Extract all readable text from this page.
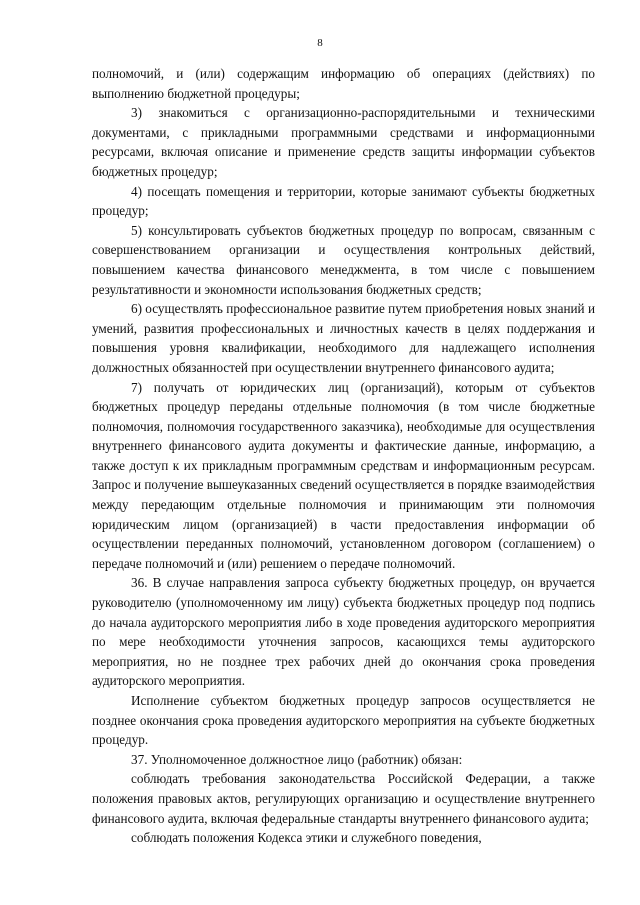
8

полномочий, и (или) содержащим информацию об операциях (действиях) по выполнению бюджетной процедуры;

3) знакомиться с организационно-распорядительными и техническими документами, с прикладными программными средствами и информационными ресурсами, включая описание и применение средств защиты информации субъектов бюджетных процедур;

4) посещать помещения и территории, которые занимают субъекты бюджетных процедур;

5) консультировать субъектов бюджетных процедур по вопросам, связанным с совершенствованием организации и осуществления контрольных действий, повышением качества финансового менеджмента, в том числе с повышением результативности и экономности использования бюджетных средств;

6) осуществлять профессиональное развитие путем приобретения новых знаний и умений, развития профессиональных и личностных качеств в целях поддержания и повышения уровня квалификации, необходимого для надлежащего исполнения должностных обязанностей при осуществлении внутреннего финансового аудита;

7) получать от юридических лиц (организаций), которым от субъектов бюджетных процедур переданы отдельные полномочия (в том числе бюджетные полномочия, полномочия государственного заказчика), необходимые для осуществления внутреннего финансового аудита документы и фактические данные, информацию, а также доступ к их прикладным программным средствам и информационным ресурсам. Запрос и получение вышеуказанных сведений осуществляется в порядке взаимодействия между передающим отдельные полномочия и принимающим эти полномочия юридическим лицом (организацией) в части предоставления информации об осуществлении переданных полномочий, установленном договором (соглашением) о передаче полномочий и (или) решением о передаче полномочий.

36. В случае направления запроса субъекту бюджетных процедур, он вручается руководителю (уполномоченному им лицу) субъекта бюджетных процедур под подпись до начала аудиторского мероприятия либо в ходе проведения аудиторского мероприятия по мере необходимости уточнения запросов, касающихся темы аудиторского мероприятия, но не позднее трех рабочих дней до окончания срока проведения аудиторского мероприятия.

Исполнение субъектом бюджетных процедур запросов осуществляется не позднее окончания срока проведения аудиторского мероприятия на субъекте бюджетных процедур.

37. Уполномоченное должностное лицо (работник) обязан:

соблюдать требования законодательства Российской Федерации, а также положения правовых актов, регулирующих организацию и осуществление внутреннего финансового аудита, включая федеральные стандарты внутреннего финансового аудита;

соблюдать положения Кодекса этики и служебного поведения,
